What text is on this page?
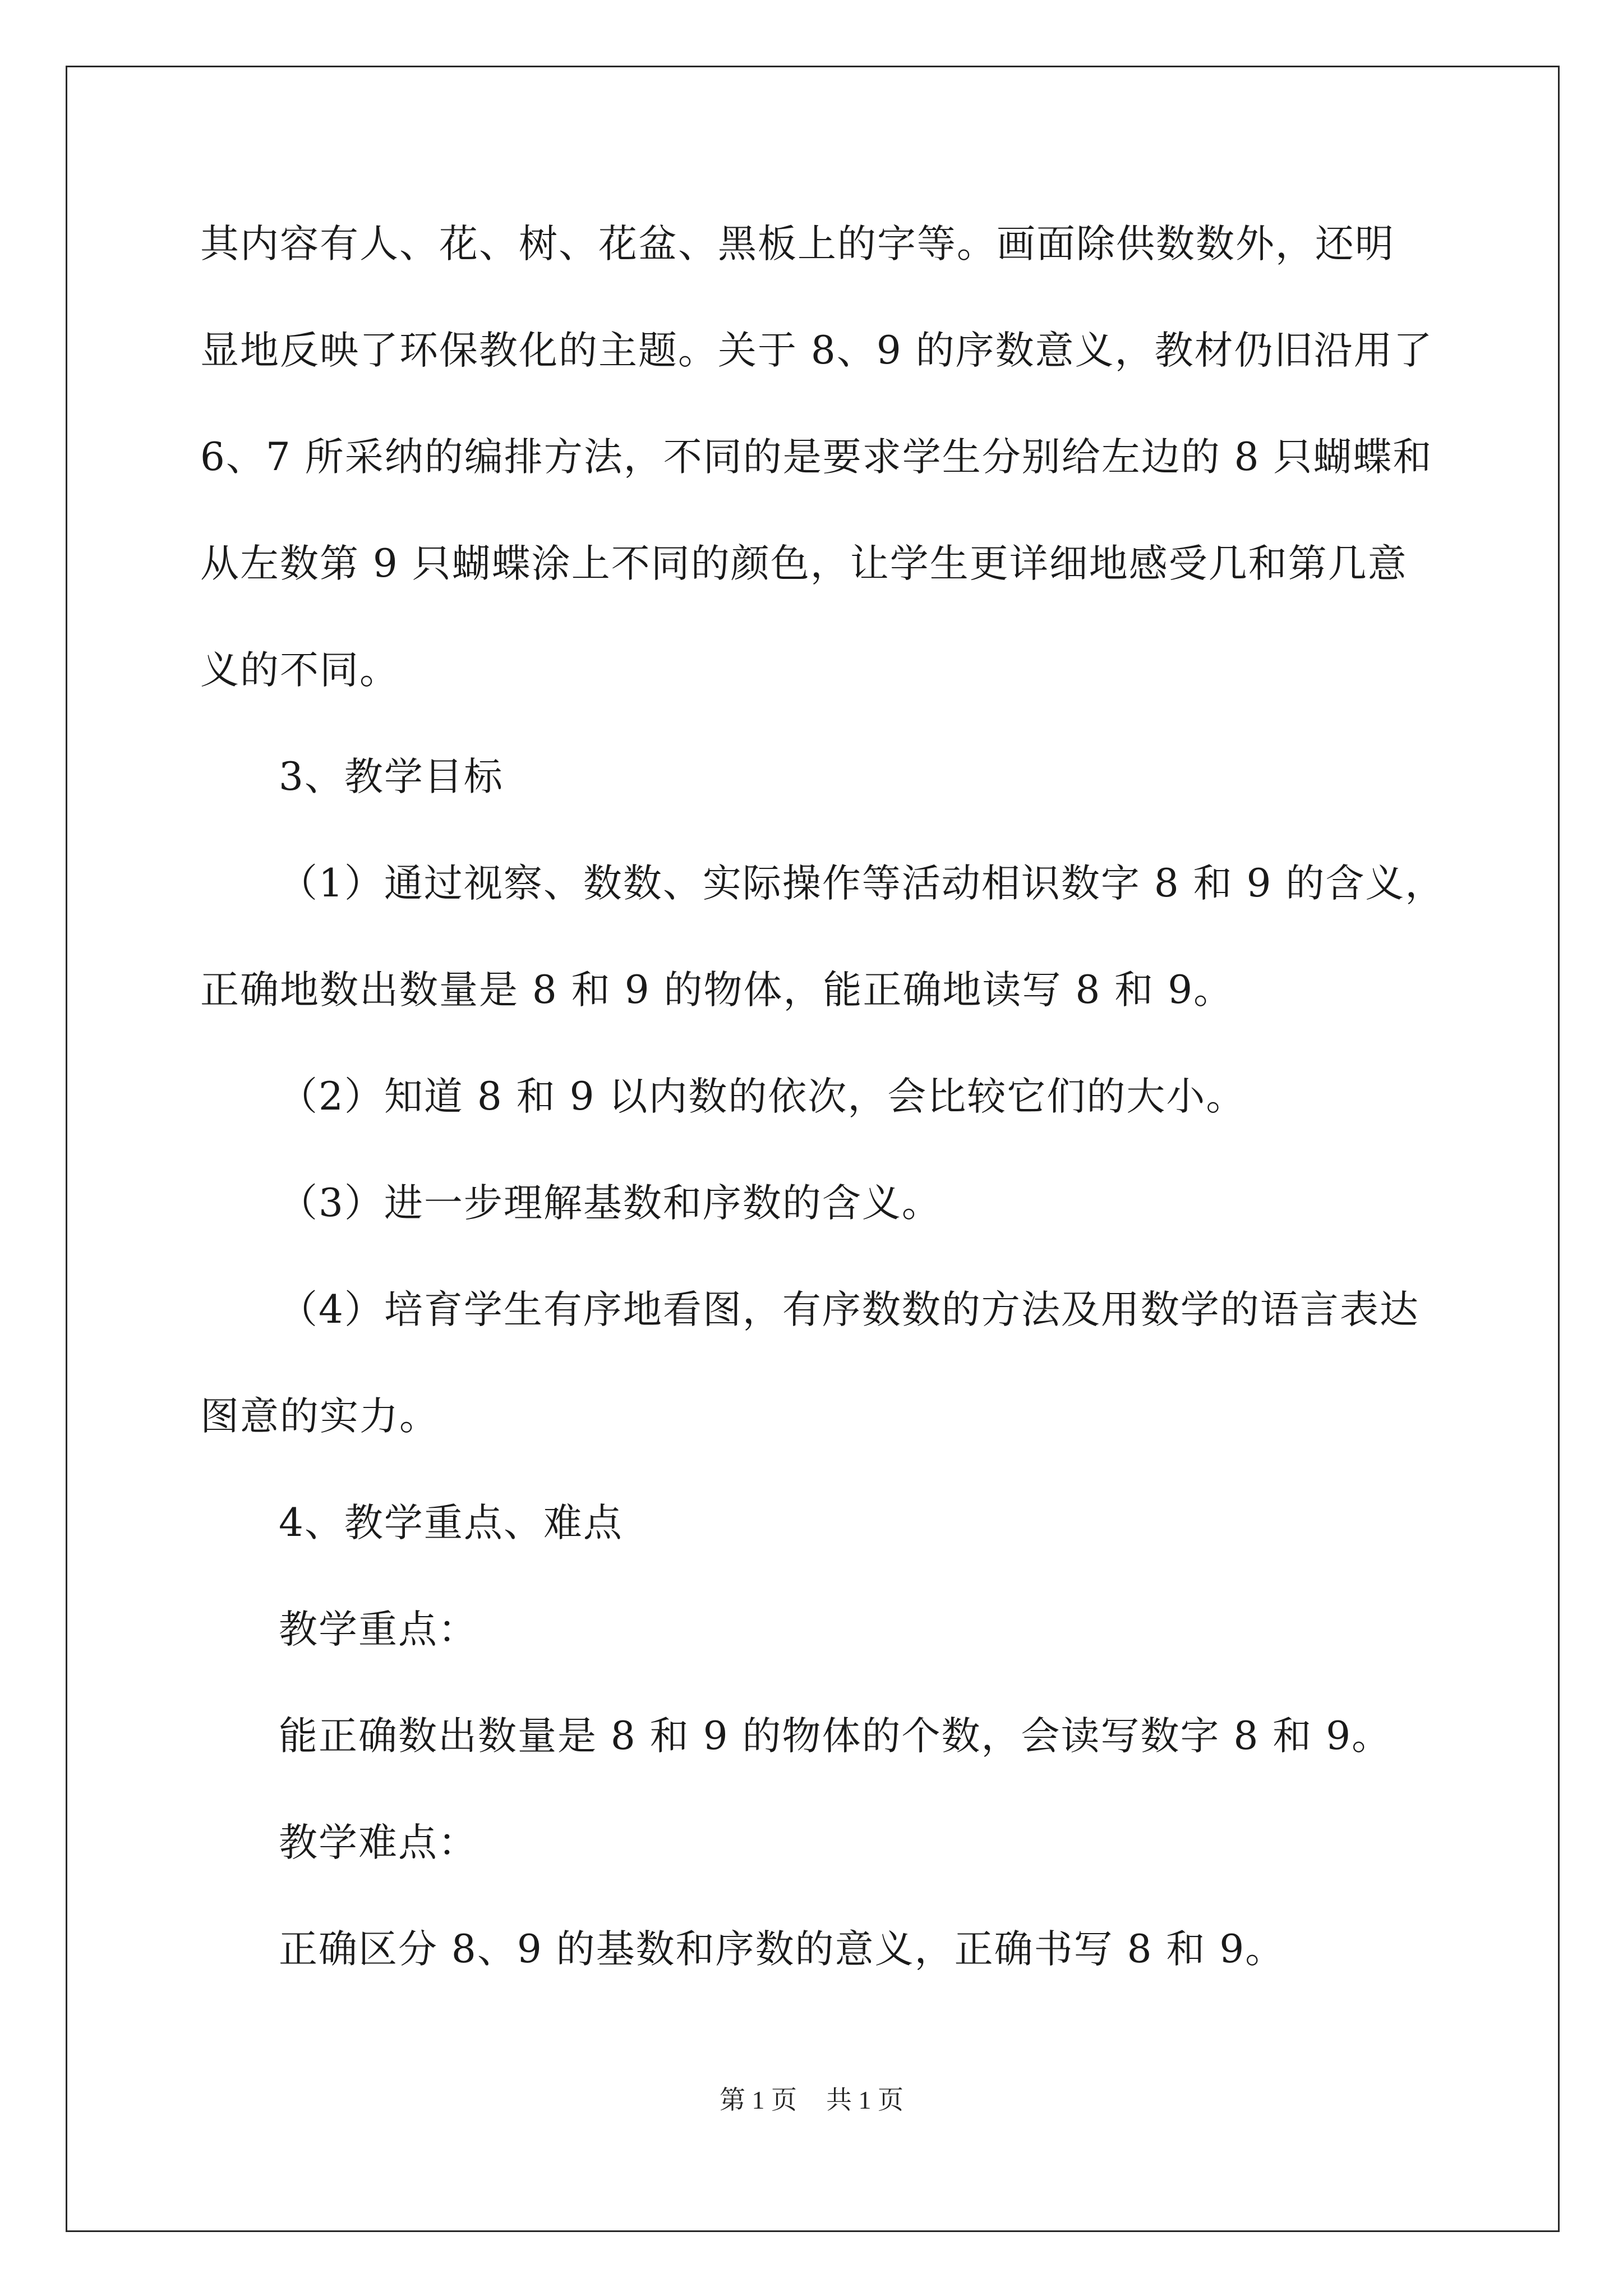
其内容有人、花、树、花盆、黑板上的字等。画面除供数数外，还明
显地反映了环保教化的主题。关于 8、9 的序数意义，教材仍旧沿用了
6、7 所采纳的编排方法，不同的是要求学生分别给左边的 8 只蝴蝶和
从左数第 9 只蝴蝶涂上不同的颜色，让学生更详细地感受几和第几意
义的不同。
3、教学目标
（1）通过视察、数数、实际操作等活动相识数字 8 和 9 的含义，
正确地数出数量是 8 和 9 的物体，能正确地读写 8 和 9。
（2）知道 8 和 9 以内数的依次，会比较它们的大小。
（3）进一步理解基数和序数的含义。
（4）培育学生有序地看图，有序数数的方法及用数学的语言表达
图意的实力。
4、教学重点、难点
教学重点：
能正确数出数量是 8 和 9 的物体的个数，会读写数字 8 和 9。
教学难点：
正确区分 8、9 的基数和序数的意义，正确书写 8 和 9。
第 1 页 共 1 页
